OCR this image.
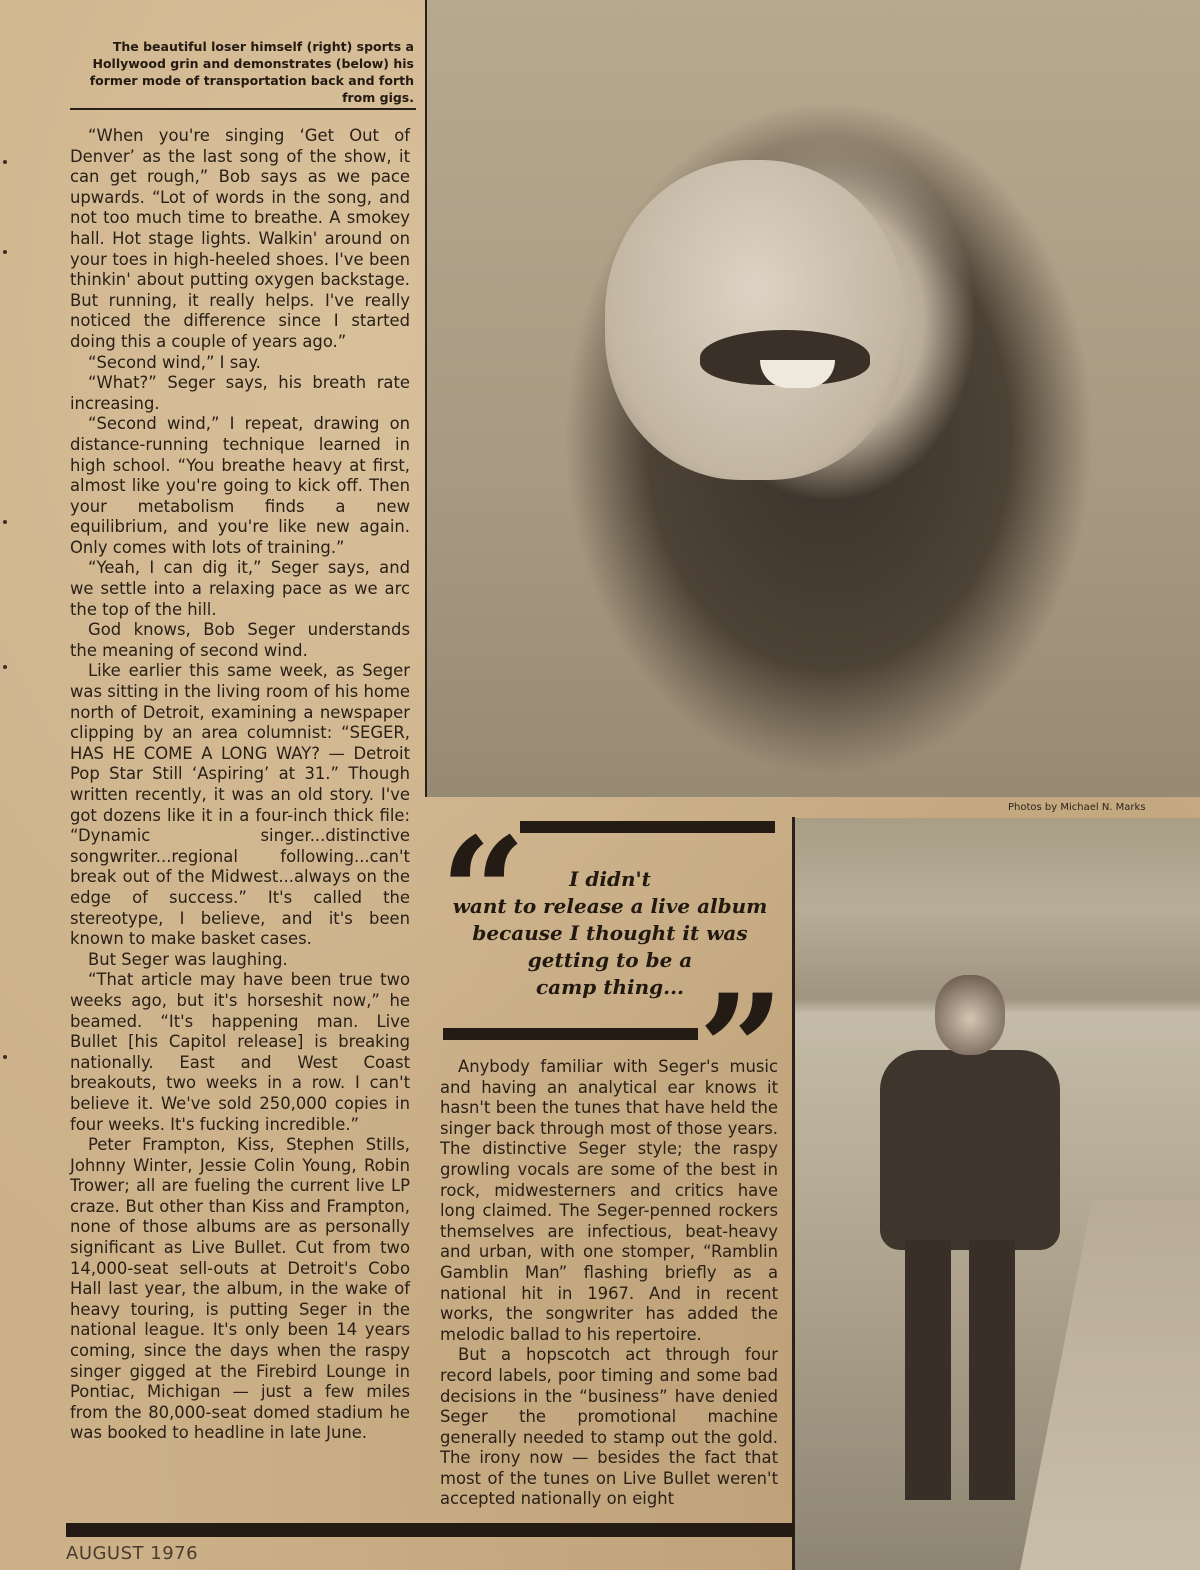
The beautiful loser himself (right) sports a Hollywood grin and demonstrates (below) his former mode of transportation back and forth from gigs.

“When you're singing ‘Get Out of Denver’ as the last song of the show, it can get rough,” Bob says as we pace upwards. “Lot of words in the song, and not too much time to breathe. A smokey hall. Hot stage lights. Walkin' around on your toes in high-heeled shoes. I've been thinkin' about putting oxygen backstage. But running, it really helps. I've really noticed the difference since I started doing this a couple of years ago.”

“Second wind,” I say.

“What?” Seger says, his breath rate increasing.

“Second wind,” I repeat, drawing on distance-running technique learned in high school. “You breathe heavy at first, almost like you're going to kick off. Then your metabolism finds a new equilibrium, and you're like new again. Only comes with lots of training.”

“Yeah, I can dig it,” Seger says, and we settle into a relaxing pace as we arc the top of the hill.

God knows, Bob Seger understands the meaning of second wind.

Like earlier this same week, as Seger was sitting in the living room of his home north of Detroit, examining a newspaper clipping by an area columnist: “SEGER, HAS HE COME A LONG WAY? — Detroit Pop Star Still ‘Aspiring’ at 31.” Though written recently, it was an old story. I've got dozens like it in a four-inch thick file: “Dynamic singer...distinctive songwriter...regional following...can't break out of the Midwest...always on the edge of success.” It's called the stereotype, I believe, and it's been known to make basket cases.

But Seger was laughing.

“That article may have been true two weeks ago, but it's horseshit now,” he beamed. “It's happening man. Live Bullet [his Capitol release] is breaking nationally. East and West Coast breakouts, two weeks in a row. I can't believe it. We've sold 250,000 copies in four weeks. It's fucking incredible.”

Peter Frampton, Kiss, Stephen Stills, Johnny Winter, Jessie Colin Young, Robin Trower; all are fueling the current live LP craze. But other than Kiss and Frampton, none of those albums are as personally significant as Live Bullet. Cut from two 14,000-seat sell-outs at Detroit's Cobo Hall last year, the album, in the wake of heavy touring, is putting Seger in the national league. It's only been 14 years coming, since the days when the raspy singer gigged at the Firebird Lounge in Pontiac, Michigan — just a few miles from the 80,000-seat domed stadium he was booked to headline in late June.

Photos by Michael N. Marks
“	I didn't
want to release a live album
because I thought it was
getting to be a
camp thing... ”

Anybody familiar with Seger's music and having an analytical ear knows it hasn't been the tunes that have held the singer back through most of those years. The distinctive Seger style; the raspy growling vocals are some of the best in rock, midwesterners and critics have long claimed. The Seger-penned rockers themselves are infectious, beat-heavy and urban, with one stomper, “Ramblin Gamblin Man” flashing briefly as a national hit in 1967. And in recent works, the songwriter has added the melodic ballad to his repertoire.

But a hopscotch act through four record labels, poor timing and some bad decisions in the “business” have denied Seger the promotional machine generally needed to stamp out the gold. The irony now — besides the fact that most of the tunes on Live Bullet weren't accepted nationally on eight

AUGUST 1976
